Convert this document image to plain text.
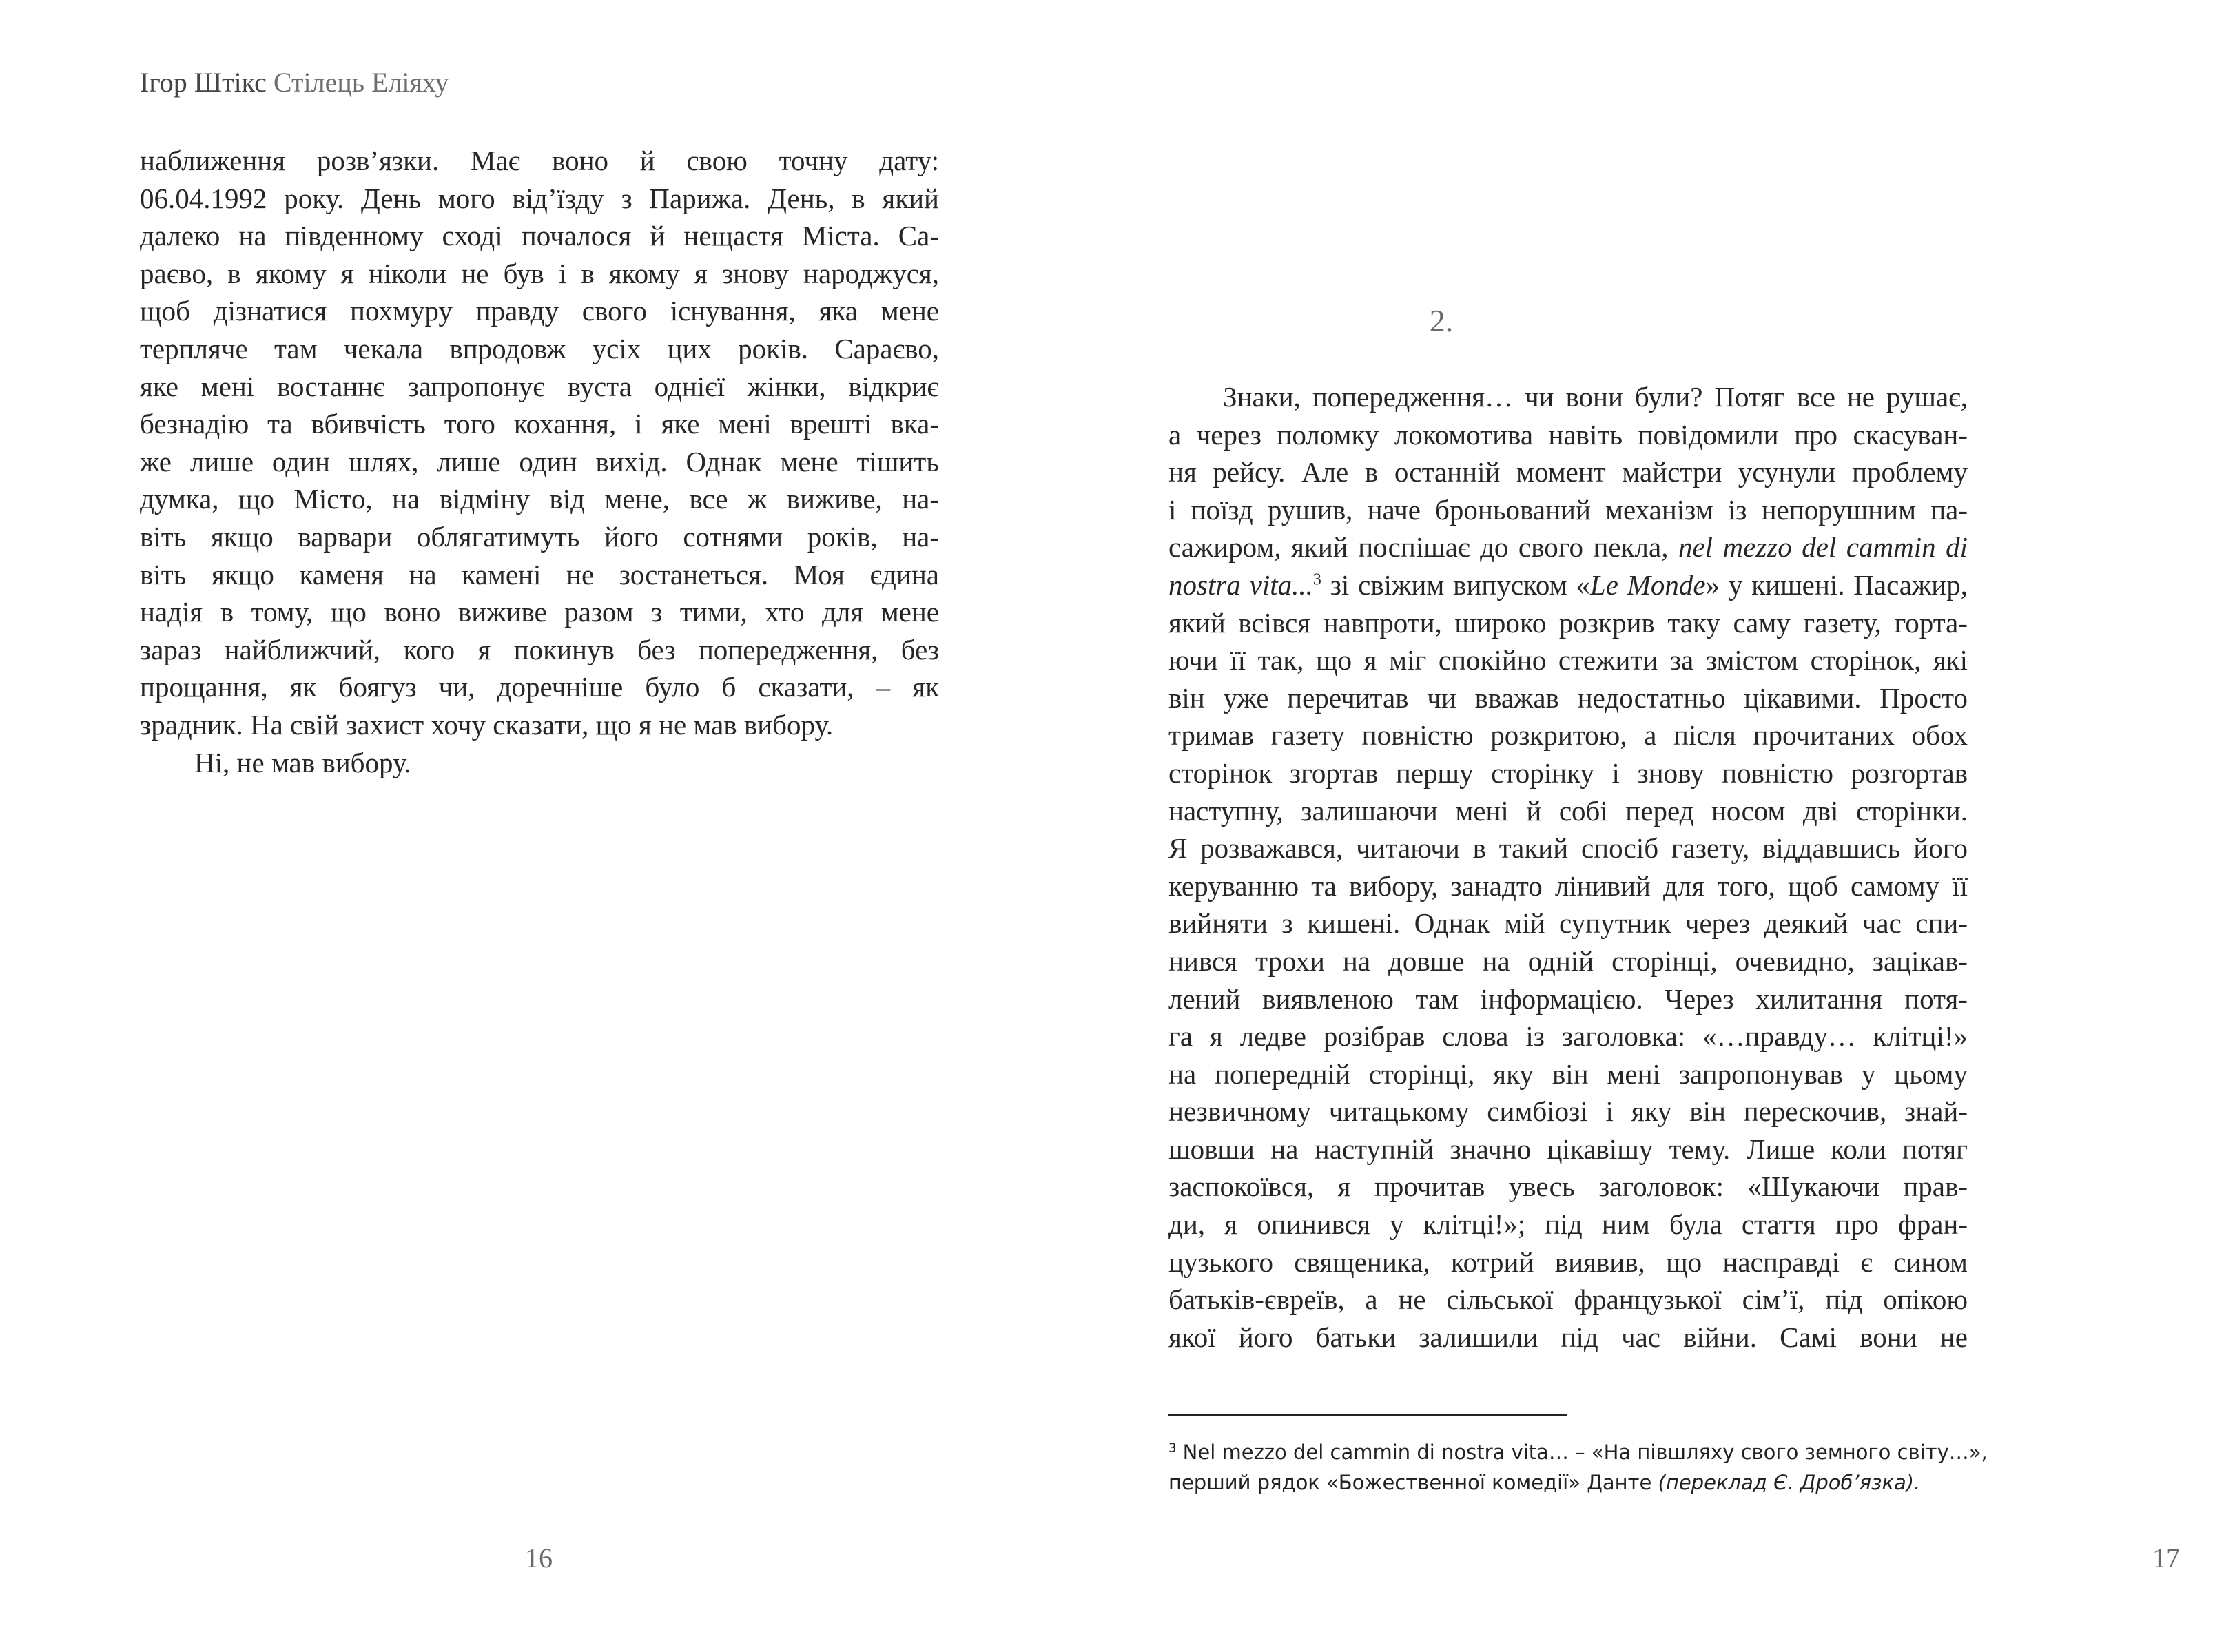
Ігор Штікс Стілець Еліяху
наближення розв’язки. Має воно й свою точну дату:
06.04.1992 року. День мого від’їзду з Парижа. День, в який
далеко на південному сході почалося й нещастя Міста. Са-
раєво, в якому я ніколи не був і в якому я знову народжуся,
щоб дізнатися похмуру правду свого існування, яка мене
терпляче там чекала впродовж усіх цих років. Сараєво,
яке мені востаннє запропонує вуста однієї жінки, відкриє
безнадію та вбивчість того кохання, і яке мені врешті вка-
же лише один шлях, лише один вихід. Однак мене тішить
думка, що Місто, на відміну від мене, все ж виживе, на-
віть якщо варвари облягатимуть його сотнями років, на-
віть якщо каменя на камені не зостанеться. Моя єдина
надія в тому, що воно виживе разом з тими, хто для мене
зараз найближчий, кого я покинув без попередження, без
прощання, як боягуз чи, доречніше було б сказати, – як
зрадник. На свій захист хочу сказати, що я не мав вибору.
Ні, не мав вибору.
16
Знаки, попередження… чи вони були? Потяг все не рушає,
а через поломку локомотива навіть повідомили про скасуван-
ня рейсу. Але в останній момент майстри усунули проблему
і поїзд рушив, наче броньований механізм із непорушним па-
сажиром, який поспішає до свого пекла, nel mezzo del cammin di
nostra vita...$^3$ зі свіжим випуском «Le Monde» у кишені. Пасажир,
який всівся навпроти, широко розкрив таку саму газету, горта-
ючи її так, що я міг спокійно стежити за змістом сторінок, які
він уже перечитав чи вважав недостатньо цікавими. Просто
тримав газету повністю розкритою, а після прочитаних обох
сторінок згортав першу сторінку і знову повністю розгортав
наступну, залишаючи мені й собі перед носом дві сторінки.
Я розважався, читаючи в такий спосіб газету, віддавшись його
керуванню та вибору, занадто лінивий для того, щоб самому її
вийняти з кишені. Однак мій супутник через деякий час спи-
нився трохи на довше на одній сторінці, очевидно, зацікав-
лений виявленою там інформацією. Через хилитання потя-
га я ледве розібрав слова із заголовка: «…правду… клітці!»
на попередній сторінці, яку він мені запропонував у цьому
незвичному читацькому симбіозі і яку він перескочив, знай-
шовши на наступній значно цікавішу тему. Лише коли потяг
заспокоївся, я прочитав увесь заголовок: «Шукаючи прав-
ди, я опинився у клітці!»; під ним була стаття про фран-
цузького священика, котрий виявив, що насправді є сином
батьків-євреїв, а не сільської французької сім’ї, під опікою
якої його батьки залишили під час війни. Самі вони не
$^3$ Nel mezzo del cammin di nostra vita… – «На півшляху свого земного світу…»,
перший рядок «Божественної комедії» Данте (переклад Є. Дроб’язка).
17
2.
